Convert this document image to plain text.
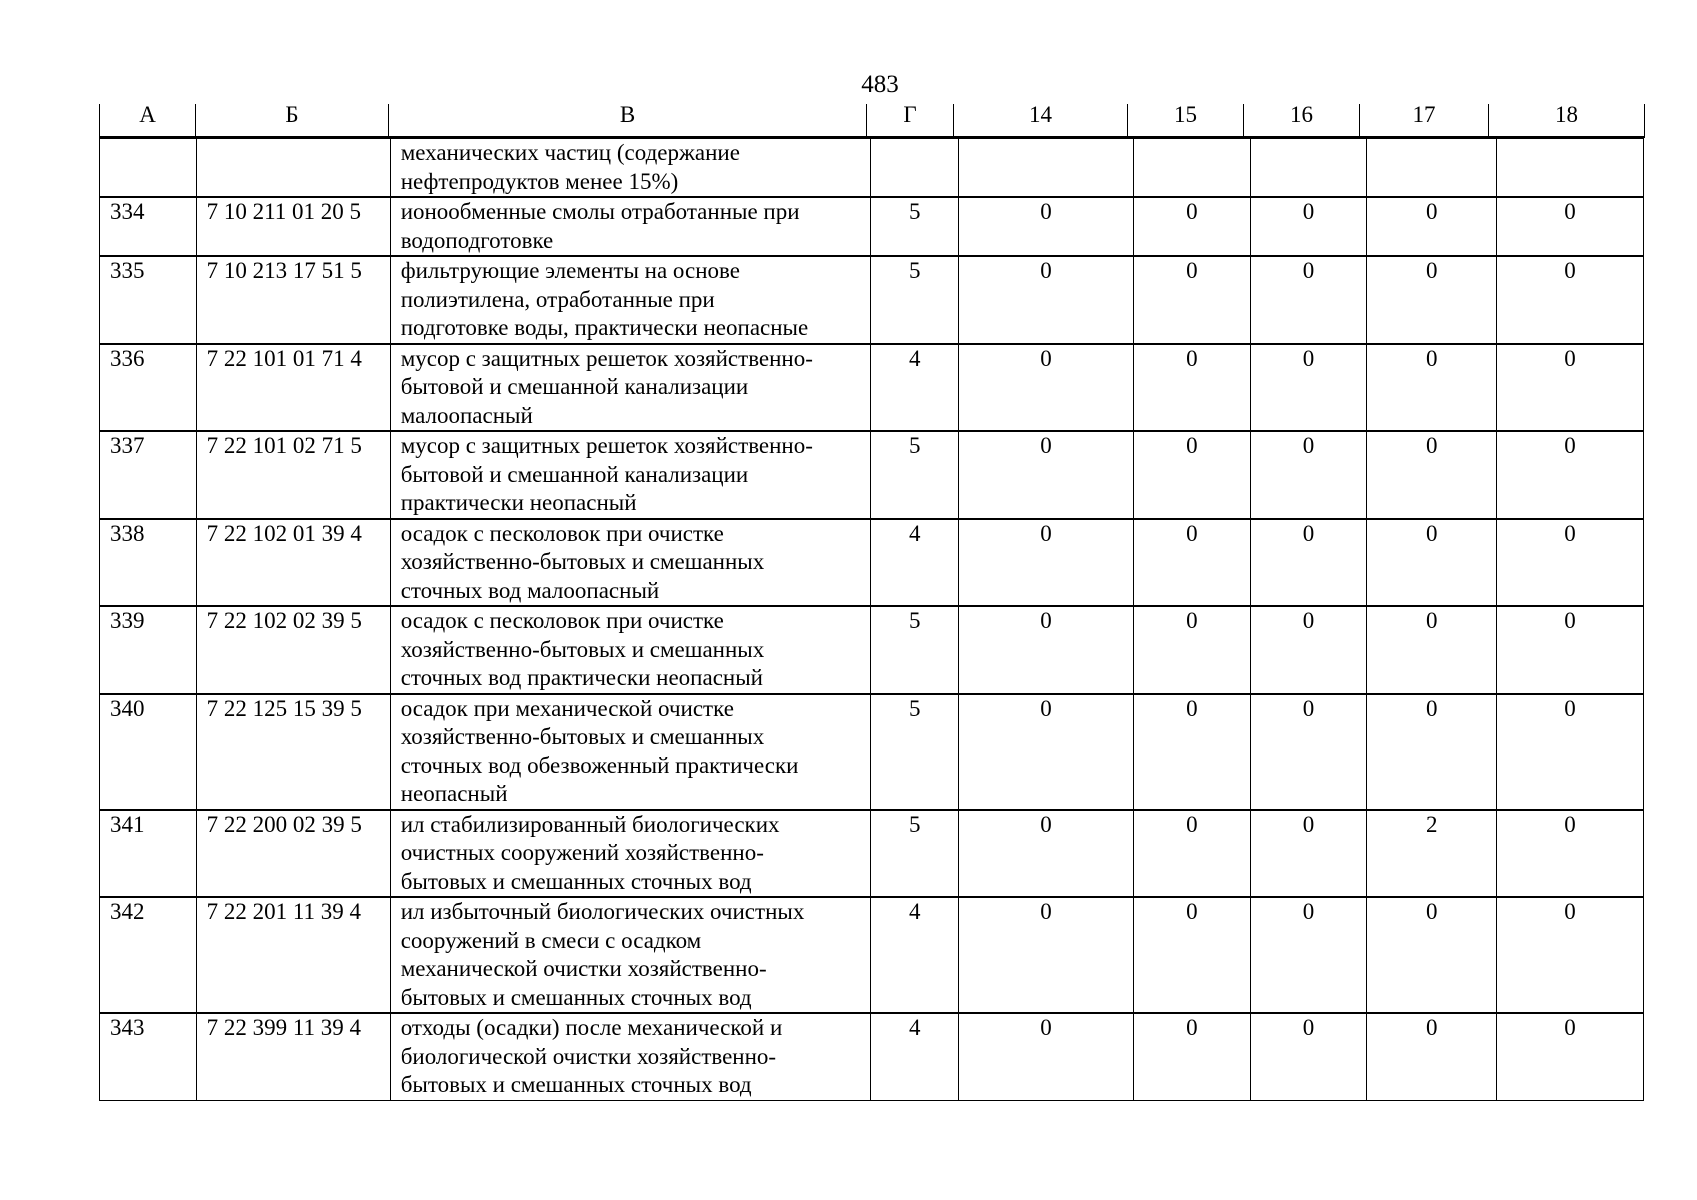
483
А	Б	В	Г	14	15	16	17	18
		механических частиц (содержание
нефтепродуктов менее 15%)						
334	7 10 211 01 20 5	ионообменные смолы отработанные при
водоподготовке	5	0	0	0	0	0
335	7 10 213 17 51 5	фильтрующие элементы на основе
полиэтилена, отработанные при
подготовке воды, практически неопасные	5	0	0	0	0	0
336	7 22 101 01 71 4	мусор с защитных решеток хозяйственно-
бытовой и смешанной канализации
малоопасный	4	0	0	0	0	0
337	7 22 101 02 71 5	мусор с защитных решеток хозяйственно-
бытовой и смешанной канализации
практически неопасный	5	0	0	0	0	0
338	7 22 102 01 39 4	осадок с песколовок при очистке
хозяйственно-бытовых и смешанных
сточных вод малоопасный	4	0	0	0	0	0
339	7 22 102 02 39 5	осадок с песколовок при очистке
хозяйственно-бытовых и смешанных
сточных вод практически неопасный	5	0	0	0	0	0
340	7 22 125 15 39 5	осадок при механической очистке
хозяйственно-бытовых и смешанных
сточных вод обезвоженный практически
неопасный	5	0	0	0	0	0
341	7 22 200 02 39 5	ил стабилизированный биологических
очистных сооружений хозяйственно-
бытовых и смешанных сточных вод	5	0	0	0	2	0
342	7 22 201 11 39 4	ил избыточный биологических очистных
сооружений в смеси с осадком
механической очистки хозяйственно-
бытовых и смешанных сточных вод	4	0	0	0	0	0
343	7 22 399 11 39 4	отходы (осадки) после механической и
биологической очистки хозяйственно-
бытовых и смешанных сточных вод	4	0	0	0	0	0
